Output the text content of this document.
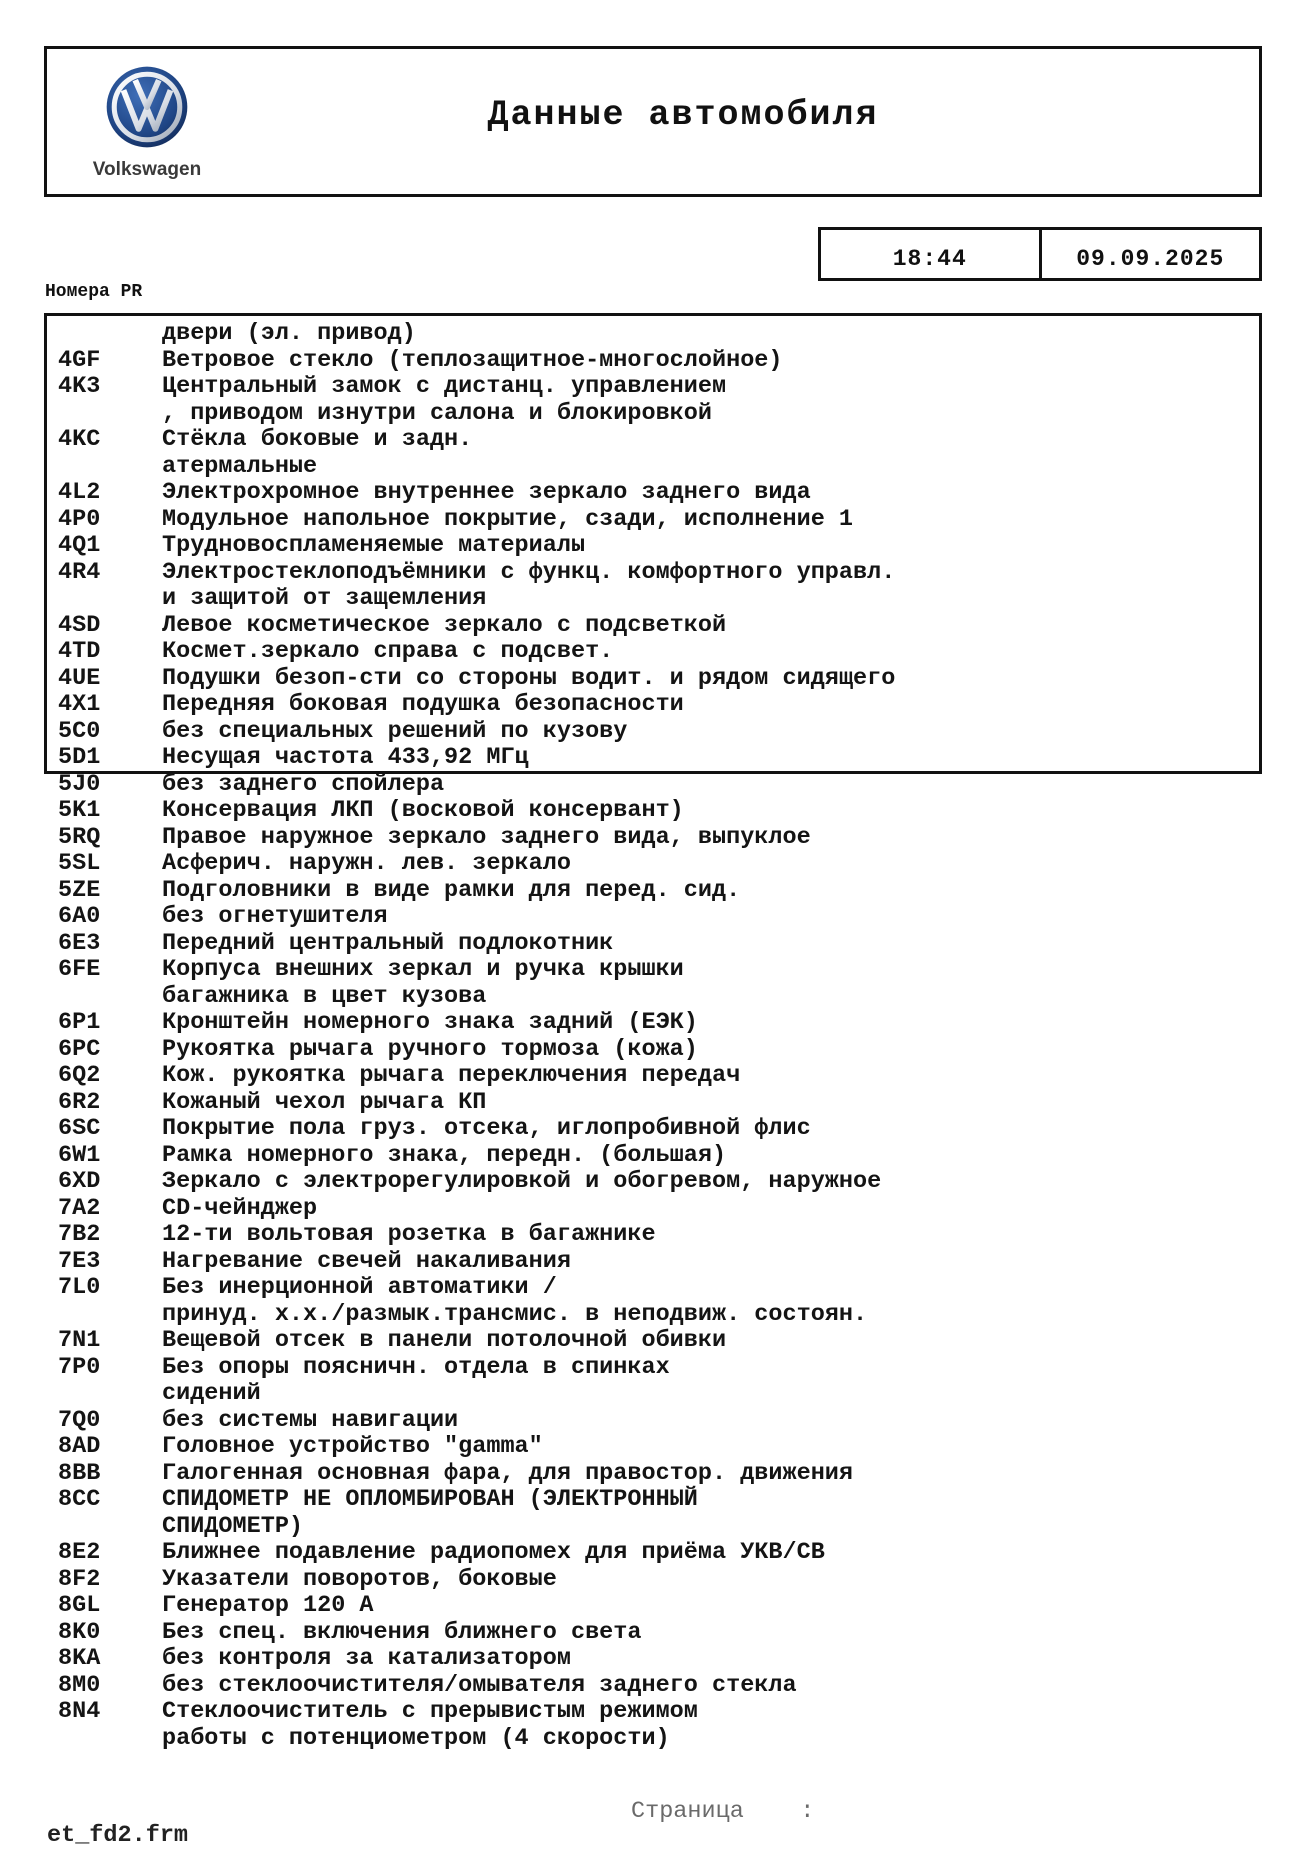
Volkswagen
Данные автомобиля
18:44	09.09.2025
Номера PR
двери (эл. привод)
4GF	Ветровое стекло (теплозащитное-многослойное)
4K3	Центральный замок с дистанц. управлением
, приводом изнутри салона и блокировкой
4KC	Стёкла боковые и задн.
атермальные
4L2	Электрохромное внутреннее зеркало заднего вида
4P0	Модульное напольное покрытие, сзади, исполнение 1
4Q1	Трудновоспламеняемые материалы
4R4	Электростеклоподъёмники с функц. комфортного управл.
и защитой от защемления
4SD	Левое косметическое зеркало с подсветкой
4TD	Космет.зеркало справа с подсвет.
4UE	Подушки безоп-сти со стороны водит. и рядом сидящего
4X1	Передняя боковая подушка безопасности
5C0	без специальных решений по кузову
5D1	Несущая частота 433,92 МГц
5J0	без заднего спойлера
5K1	Консервация ЛКП (восковой консервант)
5RQ	Правое наружное зеркало заднего вида, выпуклое
5SL	Асферич. наружн. лев. зеркало
5ZE	Подголовники в виде рамки для перед. сид.
6A0	без огнетушителя
6E3	Передний центральный подлокотник
6FE	Корпуса внешних зеркал и ручка крышки
багажника в цвет кузова
6P1	Кронштейн номерного знака задний (ЕЭК)
6PC	Рукоятка рычага ручного тормоза (кожа)
6Q2	Кож. рукоятка рычага переключения передач
6R2	Кожаный чехол рычага КП
6SC	Покрытие пола груз. отсека, иглопробивной флис
6W1	Рамка номерного знака, передн. (большая)
6XD	Зеркало с электрорегулировкой и обогревом, наружное
7A2	CD-чейнджер
7B2	12-ти вольтовая розетка в багажнике
7E3	Нагревание свечей накаливания
7L0	Без инерционной автоматики /
принуд. х.х./размык.трансмис. в неподвиж. состоян.
7N1	Вещевой отсек в панели потолочной обивки
7P0	Без опоры поясничн. отдела в спинках
сидений
7Q0	без системы навигации
8AD	Головное устройство "gamma"
8BB	Галогенная основная фара, для правостор. движения
8CC	СПИДОМЕТР НЕ ОПЛОМБИРОВАН (ЭЛЕКТРОННЫЙ
СПИДОМЕТР)
8E2	Ближнее подавление радиопомех для приёма УКВ/СВ
8F2	Указатели поворотов, боковые
8GL	Генератор 120 А
8K0	Без спец. включения ближнего света
8KA	без контроля за катализатором
8M0	без стеклоочистителя/омывателя заднего стекла
8N4	Стеклоочиститель с прерывистым режимом
работы с потенциометром (4 скорости)
Страница    :
et_fd2.frm
